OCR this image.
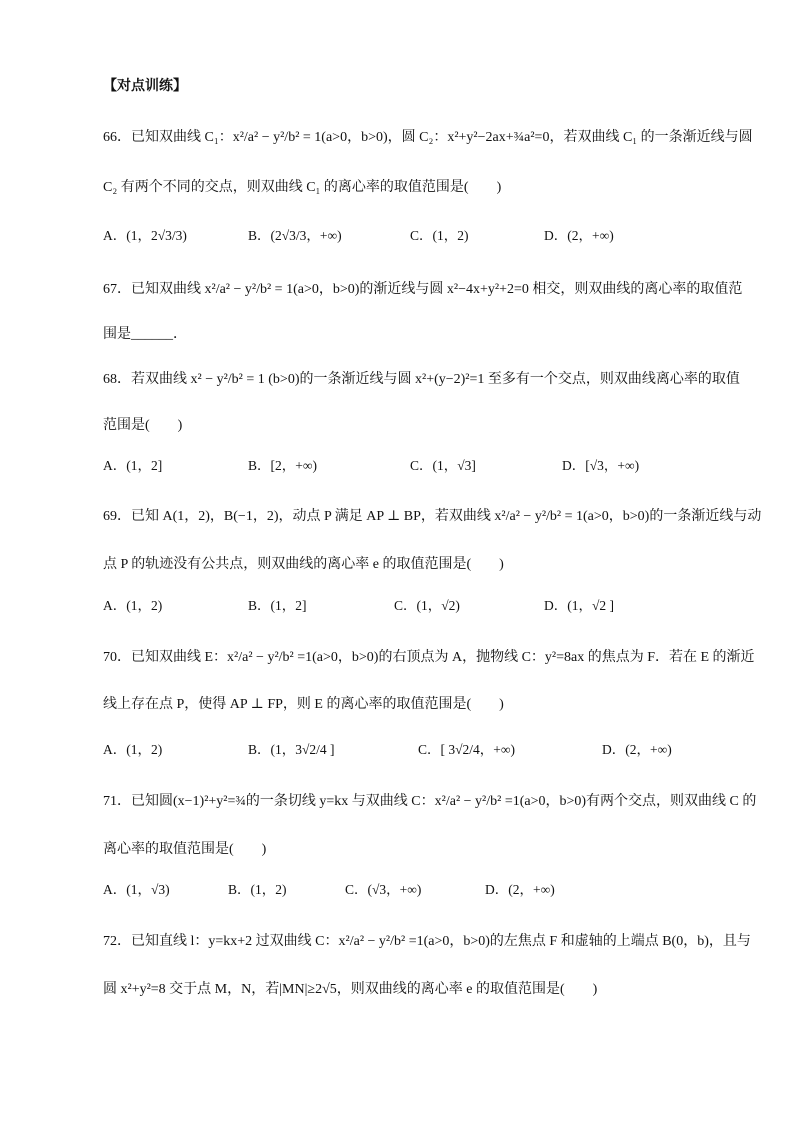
【对点训练】
66．已知双曲线 C₁：x²/a² − y²/b² = 1(a>0，b>0)，圆 C₂：x²+y²−2ax+¾a²=0，若双曲线 C₁ 的一条渐近线与圆
C₂ 有两个不同的交点，则双曲线 C₁ 的离心率的取值范围是(　　)
A．(1，2√3/3)	B．(2√3/3，+∞)	C．(1，2)	D．(2，+∞)
67．已知双曲线 x²/a² − y²/b² = 1(a>0，b>0)的渐近线与圆 x²−4x+y²+2=0 相交，则双曲线的离心率的取值范
围是______．
68．若双曲线 x² − y²/b² = 1 (b>0)的一条渐近线与圆 x²+(y−2)²=1 至多有一个交点，则双曲线离心率的取值
范围是(　　)
A．(1，2]	B．[2，+∞)	C．(1，√3]	D．[√3，+∞)
69．已知 A(1，2)，B(−1，2)，动点 P 满足 AP ⊥ BP，若双曲线 x²/a² − y²/b² = 1(a>0，b>0)的一条渐近线与动
点 P 的轨迹没有公共点，则双曲线的离心率 e 的取值范围是(　　)
A．(1，2)	B．(1，2]	C．(1，√2)	D．(1，√2 ]
70．已知双曲线 E：x²/a² − y²/b² =1(a>0，b>0)的右顶点为 A，抛物线 C：y²=8ax 的焦点为 F．若在 E 的渐近
线上存在点 P，使得 AP ⊥ FP，则 E 的离心率的取值范围是(　　)
A．(1，2)	B．(1，3√2/4 ]	C．[ 3√2/4，+∞)	D．(2，+∞)
71．已知圆(x−1)²+y²=¾的一条切线 y=kx 与双曲线 C：x²/a² − y²/b² =1(a>0，b>0)有两个交点，则双曲线 C 的
离心率的取值范围是(　　)
A．(1，√3)	B．(1，2)	C．(√3，+∞)	D．(2，+∞)
72．已知直线 l：y=kx+2 过双曲线 C：x²/a² − y²/b² =1(a>0，b>0)的左焦点 F 和虚轴的上端点 B(0，b)，且与
圆 x²+y²=8 交于点 M，N，若|MN|≥2√5，则双曲线的离心率 e 的取值范围是(　　)
